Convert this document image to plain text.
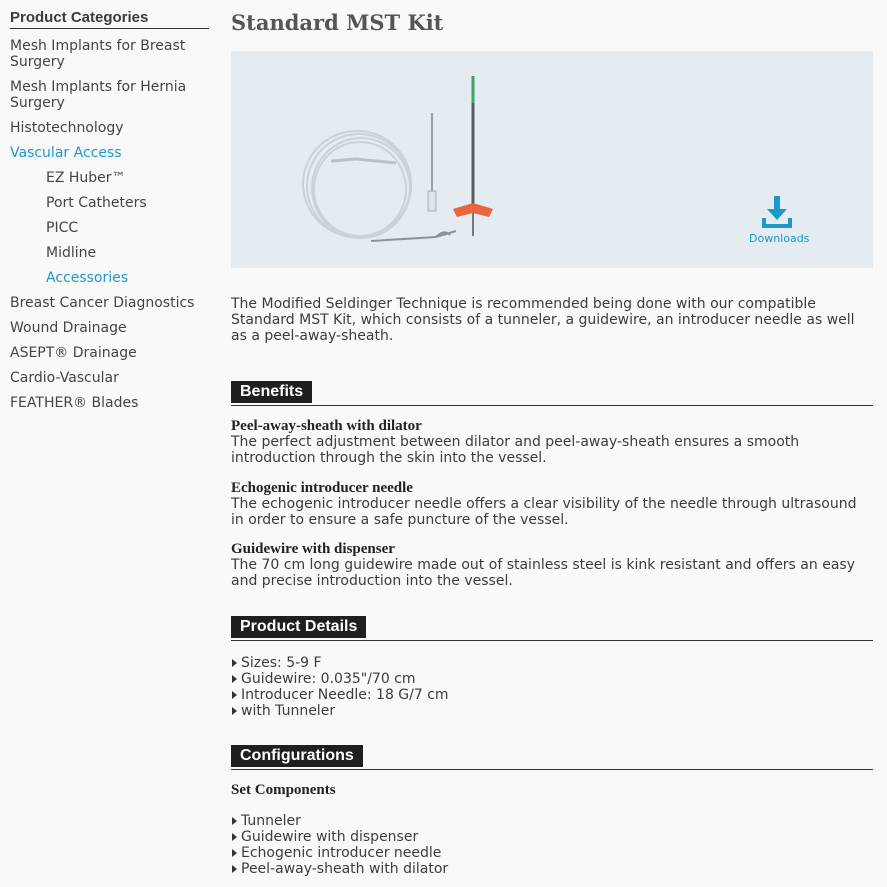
Product Categories
Mesh Implants for Breast Surgery
Mesh Implants for Hernia Surgery
Histotechnology
Vascular Access
EZ Huber™
Port Catheters
PICC
Midline
Accessories
Breast Cancer Diagnostics
Wound Drainage
ASEPT® Drainage
Cardio-Vascular
FEATHER® Blades
Standard MST Kit
Downloads
The Modified Seldinger Technique is recommended being done with our compatible Standard MST Kit, which consists of a tunneler, a guidewire, an introducer needle as well as a peel-away-sheath.
Benefits
Peel-away-sheath with dilator
The perfect adjustment between dilator and peel-away-sheath ensures a smooth introduction through the skin into the vessel.
Echogenic introducer needle
The echogenic introducer needle offers a clear visibility of the needle through ultrasound in order to ensure a safe puncture of the vessel.
Guidewire with dispenser
The 70 cm long guidewire made out of stainless steel is kink resistant and offers an easy and precise introduction into the vessel.
Product Details
Sizes: 5-9 F
Guidewire: 0.035"/70 cm
Introducer Needle: 18 G/7 cm
with Tunneler
Configurations
Set Components
Tunneler
Guidewire with dispenser
Echogenic introducer needle
Peel-away-sheath with dilator
